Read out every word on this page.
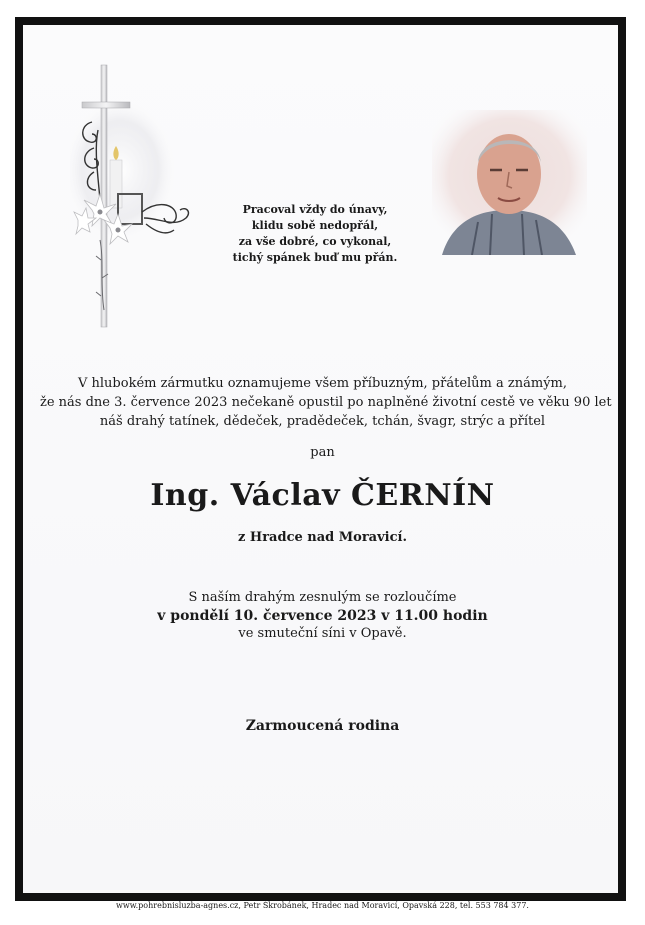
Pracoval vždy do únavy,
klidu sobě nedopřál,
za vše dobré, co vykonal,
tichý spánek buď mu přán.
V hlubokém zármutku oznamujeme všem příbuzným, přátelům a známým,
že nás dne 3. července 2023 nečekaně opustil po naplněné životní cestě ve věku 90 let
náš drahý tatínek, dědeček, pradědeček, tchán, švagr, strýc a přítel
pan
Ing. Václav ČERNÍN
z Hradce nad Moravicí.
S naším drahým zesnulým se rozloučíme
v pondělí 10. července 2023 v 11.00 hodin
ve smuteční síni v Opavě.
Zarmoucená rodina
www.pohrebnisluzba-agnes.cz, Petr Škrobánek, Hradec nad Moravicí, Opavská 228, tel. 553 784 377.
